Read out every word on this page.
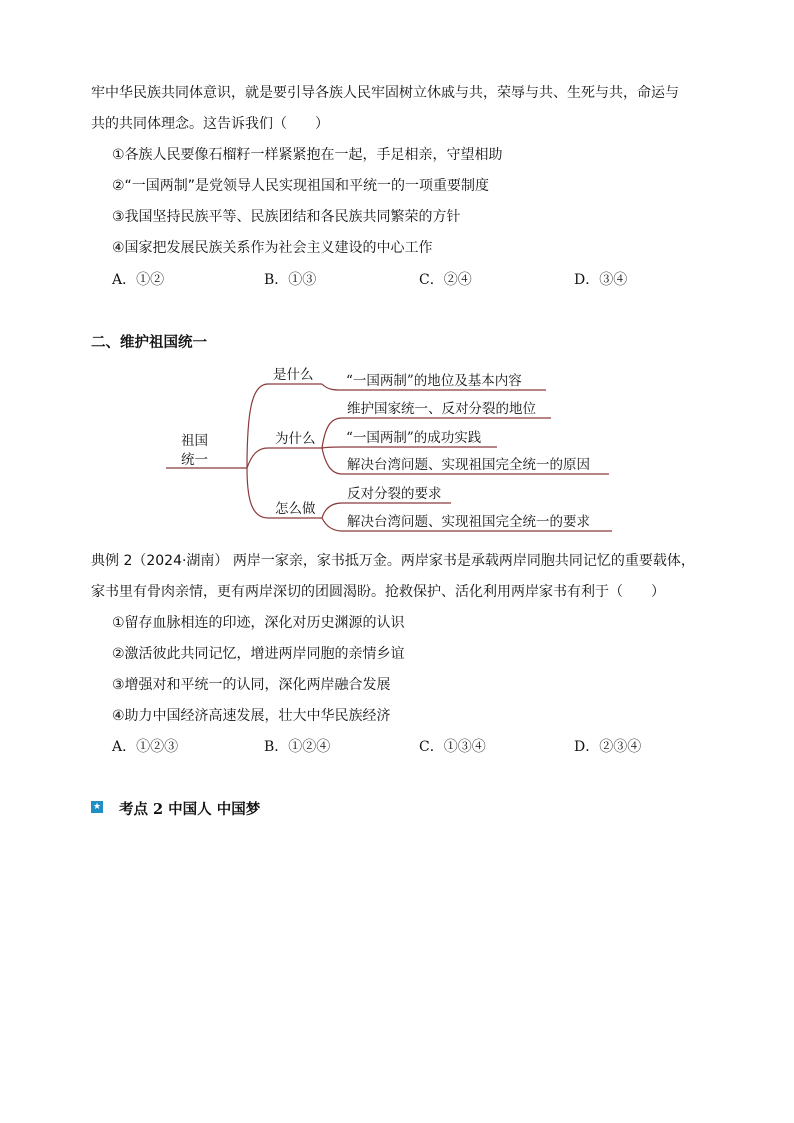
牢中华民族共同体意识，就是要引导各族人民牢固树立休戚与共，荣辱与共、生死与共，命运与
共的共同体理念。这告诉我们（　　）
①各族人民要像石榴籽一样紧紧抱在一起，手足相亲，守望相助
②“一国两制”是党领导人民实现祖国和平统一的一项重要制度
③我国坚持民族平等、民族团结和各民族共同繁荣的方针
④国家把发展民族关系作为社会主义建设的中心工作
A．①②	B．①③	C．②④	D．③④
二、维护祖国统一
祖国
统一
是什么
为什么
怎么做
“一国两制”的地位及基本内容
维护国家统一、反对分裂的地位
“一国两制”的成功实践
解决台湾问题、实现祖国完全统一的原因
反对分裂的要求
解决台湾问题、实现祖国完全统一的要求
典例 2（2024·湖南） 两岸一家亲，家书抵万金。两岸家书是承载两岸同胞共同记忆的重要载体，
家书里有骨肉亲情，更有两岸深切的团圆渴盼。抢救保护、活化利用两岸家书有利于（　　）
①留存血脉相连的印迹，深化对历史渊源的认识
②激活彼此共同记忆，增进两岸同胞的亲情乡谊
③增强对和平统一的认同，深化两岸融合发展
④助力中国经济高速发展，壮大中华民族经济
A．①②③	B．①②④	C．①③④	D．②③④
★ 考点 2 中国人 中国梦
